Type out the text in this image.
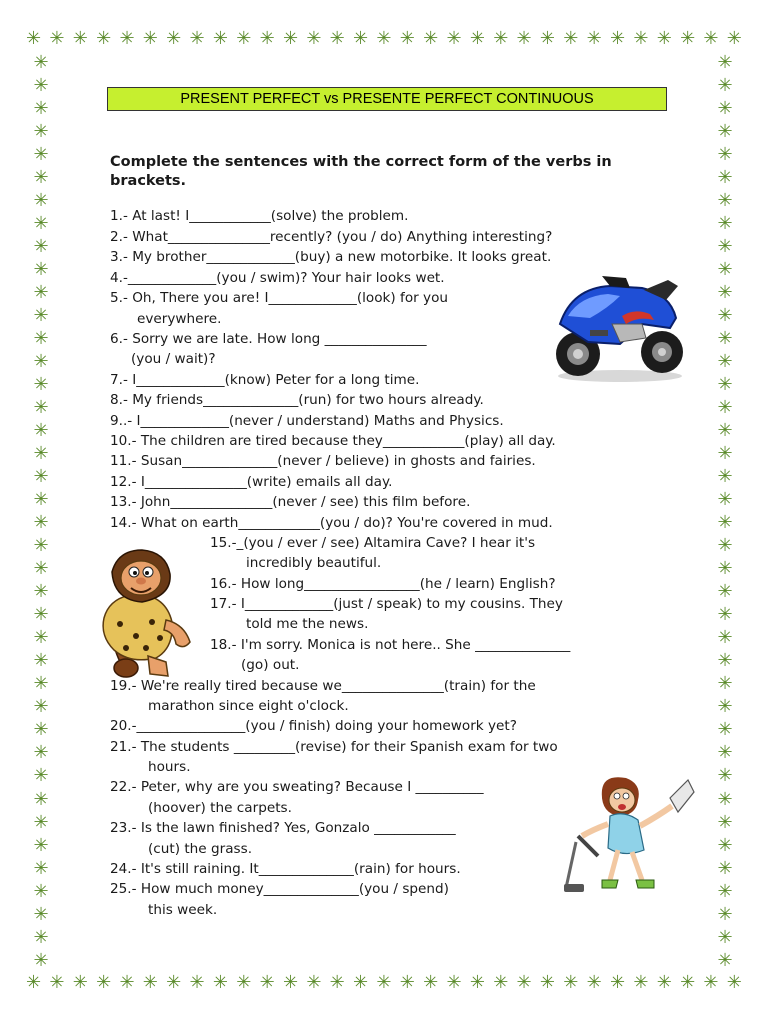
✳ ✳ ✳ ✳ ✳ ✳ ✳ ✳ ✳ ✳ ✳ ✳ ✳ ✳ ✳ ✳ ✳ ✳ ✳ ✳ ✳ ✳ ✳ ✳ ✳ ✳ ✳ ✳ ✳ ✳ ✳
✳ ✳ ✳ ✳ ✳ ✳ ✳ ✳ ✳ ✳ ✳ ✳ ✳ ✳ ✳ ✳ ✳ ✳ ✳ ✳ ✳ ✳ ✳ ✳ ✳ ✳ ✳ ✳ ✳ ✳ ✳
✳
✳
✳
✳
✳
✳
✳
✳
✳
✳
✳
✳
✳
✳
✳
✳
✳
✳
✳
✳
✳
✳
✳
✳
✳
✳
✳
✳
✳
✳
✳
✳
✳
✳
✳
✳
✳
✳
✳
✳
✳
✳
✳
✳
✳
✳
✳
✳
✳
✳
✳
✳
✳
✳
✳
✳
✳
✳
✳
✳
✳
✳
✳
✳
✳
✳
✳
✳
✳
✳
✳
✳
✳
✳
✳
✳
✳
✳
✳
✳
PRESENT PERFECT vs PRESENTE PERFECT CONTINUOUS
Complete the sentences with the correct form of the verbs in brackets.
1.- At last! I____________(solve) the problem.
2.- What_______________recently? (you / do) Anything interesting?
3.- My brother_____________(buy) a new motorbike. It looks great.
4.-_____________(you / swim)? Your hair looks wet.
5.- Oh, There you are! I_____________(look) for you
everywhere.
6.- Sorry we are late. How long _______________
(you / wait)?
7.- I_____________(know) Peter for a long time.
8.- My friends______________(run) for two hours already.
9..- I_____________(never / understand) Maths and Physics.
10.- The children are tired because they____________(play) all day.
11.- Susan______________(never / believe) in ghosts and fairies.
12.- I_______________(write) emails all day.
13.- John_______________(never / see) this film before.
14.- What on earth____________(you / do)? You're covered in mud.
15.-_(you / ever / see) Altamira Cave? I hear it's
incredibly beautiful.
16.- How long_________________(he / learn) English?
17.- I_____________(just / speak) to my cousins. They
told me the news.
18.- I'm sorry. Monica is not here.. She ______________
(go) out.
19.- We're really tired because we_______________(train) for the
marathon since eight o'clock.
20.-________________(you / finish) doing your homework yet?
21.- The students _________(revise) for their Spanish exam for two
hours.
22.- Peter, why are you sweating? Because I __________
(hoover) the carpets.
23.- Is the lawn finished? Yes, Gonzalo ____________
(cut) the grass.
24.- It's still raining. It______________(rain) for hours.
25.- How much money______________(you / spend)
this week.
